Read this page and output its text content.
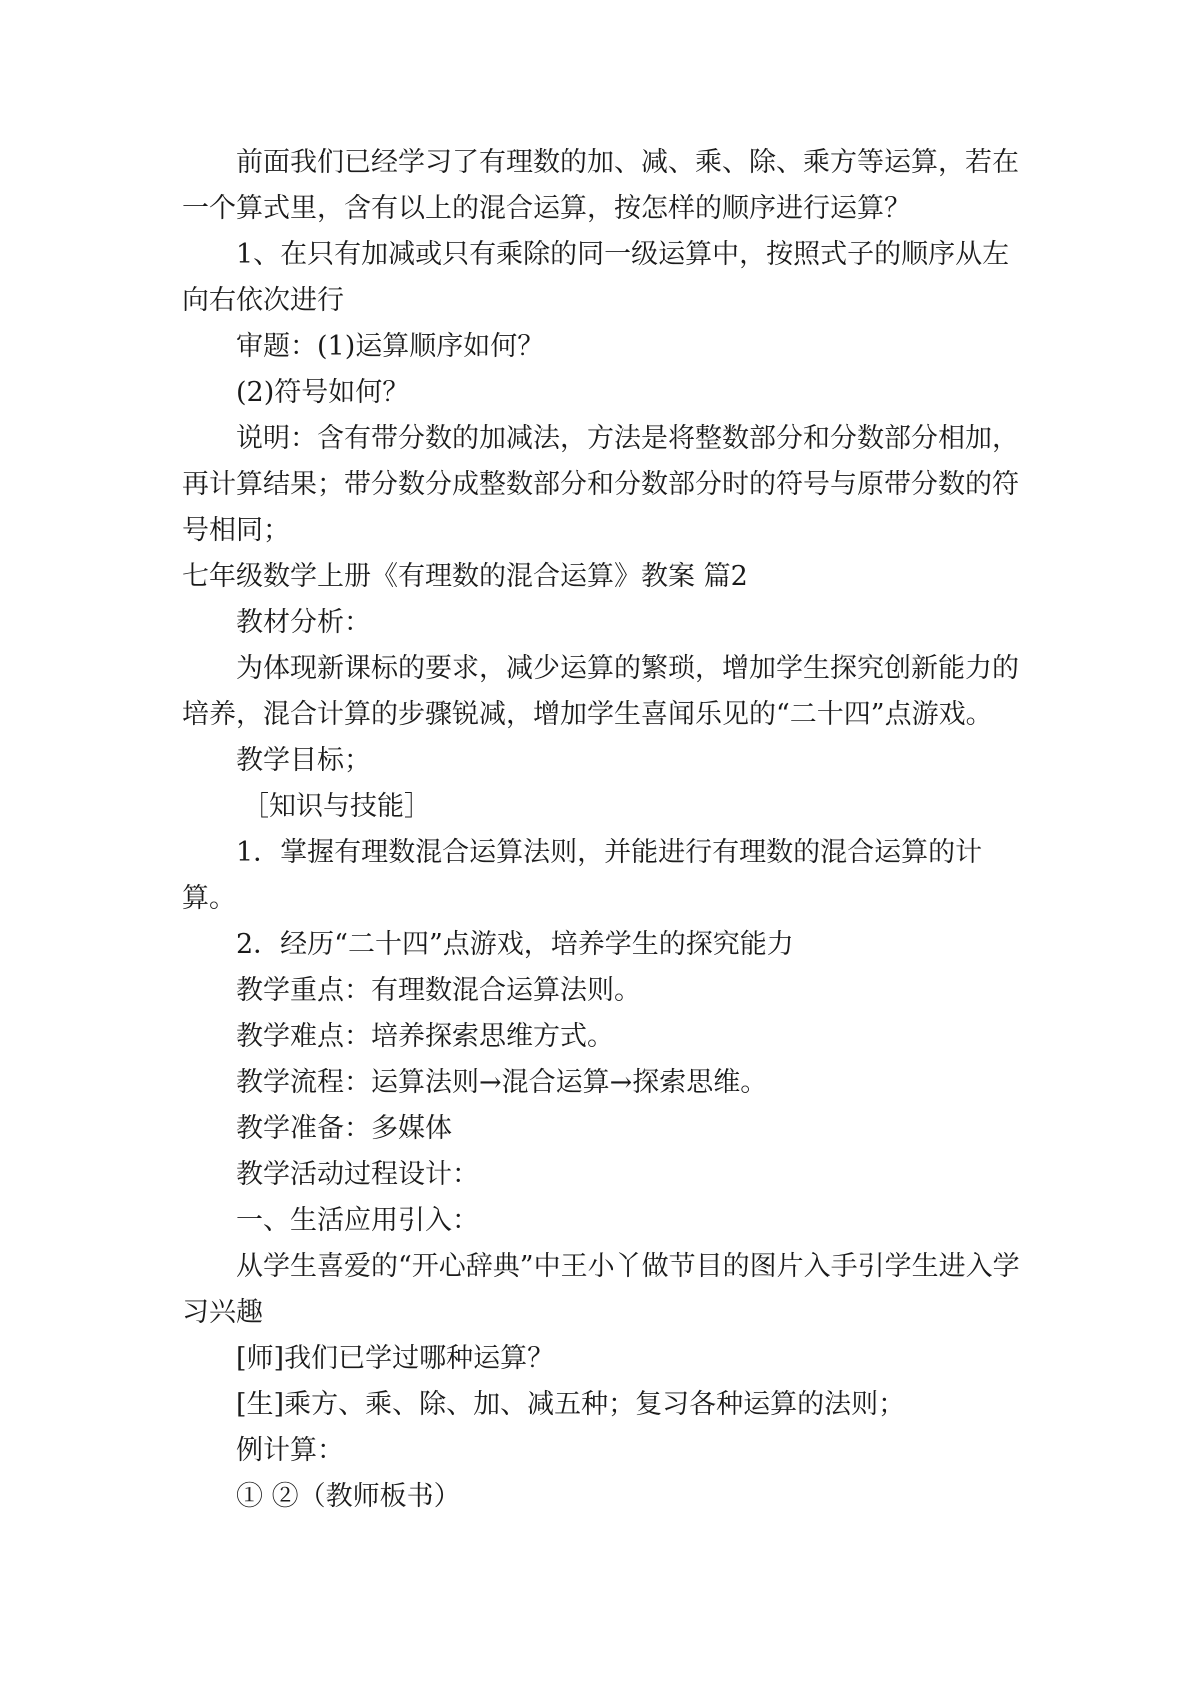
前面我们已经学习了有理数的加、减、乘、除、乘方等运算，若在一个算式里，含有以上的混合运算，按怎样的顺序进行运算？

1、在只有加减或只有乘除的同一级运算中，按照式子的顺序从左向右依次进行

审题：(1)运算顺序如何？

(2)符号如何？

说明：含有带分数的加减法，方法是将整数部分和分数部分相加，再计算结果；带分数分成整数部分和分数部分时的符号与原带分数的符号相同；

七年级数学上册《有理数的混合运算》教案 篇2

教材分析：

为体现新课标的要求，减少运算的繁琐，增加学生探究创新能力的培养，混合计算的步骤锐减，增加学生喜闻乐见的“二十四”点游戏。

教学目标；

［知识与技能］

1．掌握有理数混合运算法则，并能进行有理数的混合运算的计算。

2．经历“二十四”点游戏，培养学生的探究能力

教学重点：有理数混合运算法则。

教学难点：培养探索思维方式。

教学流程：运算法则→混合运算→探索思维。

教学准备：多媒体

教学活动过程设计：

一、生活应用引入：

从学生喜爱的“开心辞典”中王小丫做节目的图片入手引学生进入学习兴趣

[师]我们已学过哪种运算？

[生]乘方、乘、除、加、减五种；复习各种运算的法则；

例计算：

① ②（教师板书）
